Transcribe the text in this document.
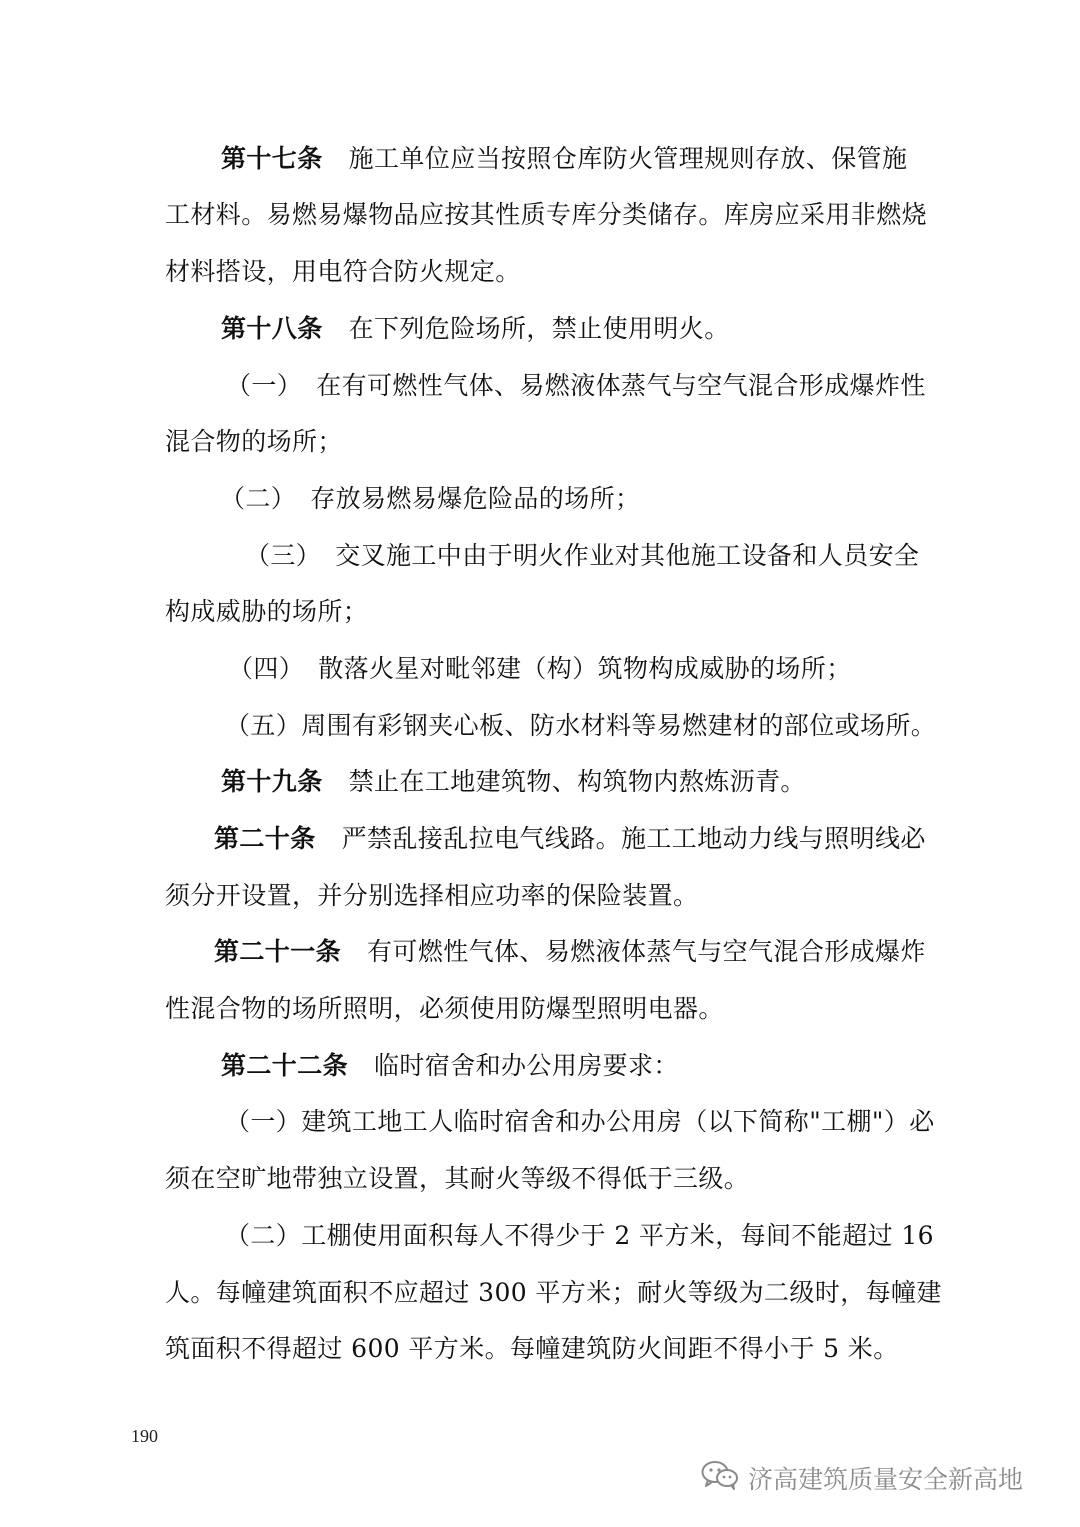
第十七条 施工单位应当按照仓库防火管理规则存放、保管施
工材料。易燃易爆物品应按其性质专库分类储存。库房应采用非燃烧
材料搭设，用电符合防火规定。
第十八条 在下列危险场所，禁止使用明火。
（一） 在有可燃性气体、易燃液体蒸气与空气混合形成爆炸性
混合物的场所；
（二） 存放易燃易爆危险品的场所；
（三） 交叉施工中由于明火作业对其他施工设备和人员安全
构成威胁的场所；
（四） 散落火星对毗邻建（构）筑物构成威胁的场所；
（五）周围有彩钢夹心板、防水材料等易燃建材的部位或场所。
第十九条 禁止在工地建筑物、构筑物内熬炼沥青。
第二十条 严禁乱接乱拉电气线路。施工工地动力线与照明线必
须分开设置，并分别选择相应功率的保险装置。
第二十一条 有可燃性气体、易燃液体蒸气与空气混合形成爆炸
性混合物的场所照明，必须使用防爆型照明电器。
第二十二条 临时宿舍和办公用房要求：
（一）建筑工地工人临时宿舍和办公用房（以下简称"工棚"）必
须在空旷地带独立设置，其耐火等级不得低于三级。
（二）工棚使用面积每人不得少于 2 平方米，每间不能超过 16
人。每幢建筑面积不应超过 300 平方米；耐火等级为二级时，每幢建
筑面积不得超过 600 平方米。每幢建筑防火间距不得小于 5 米。
190
济高建筑质量安全新高地
